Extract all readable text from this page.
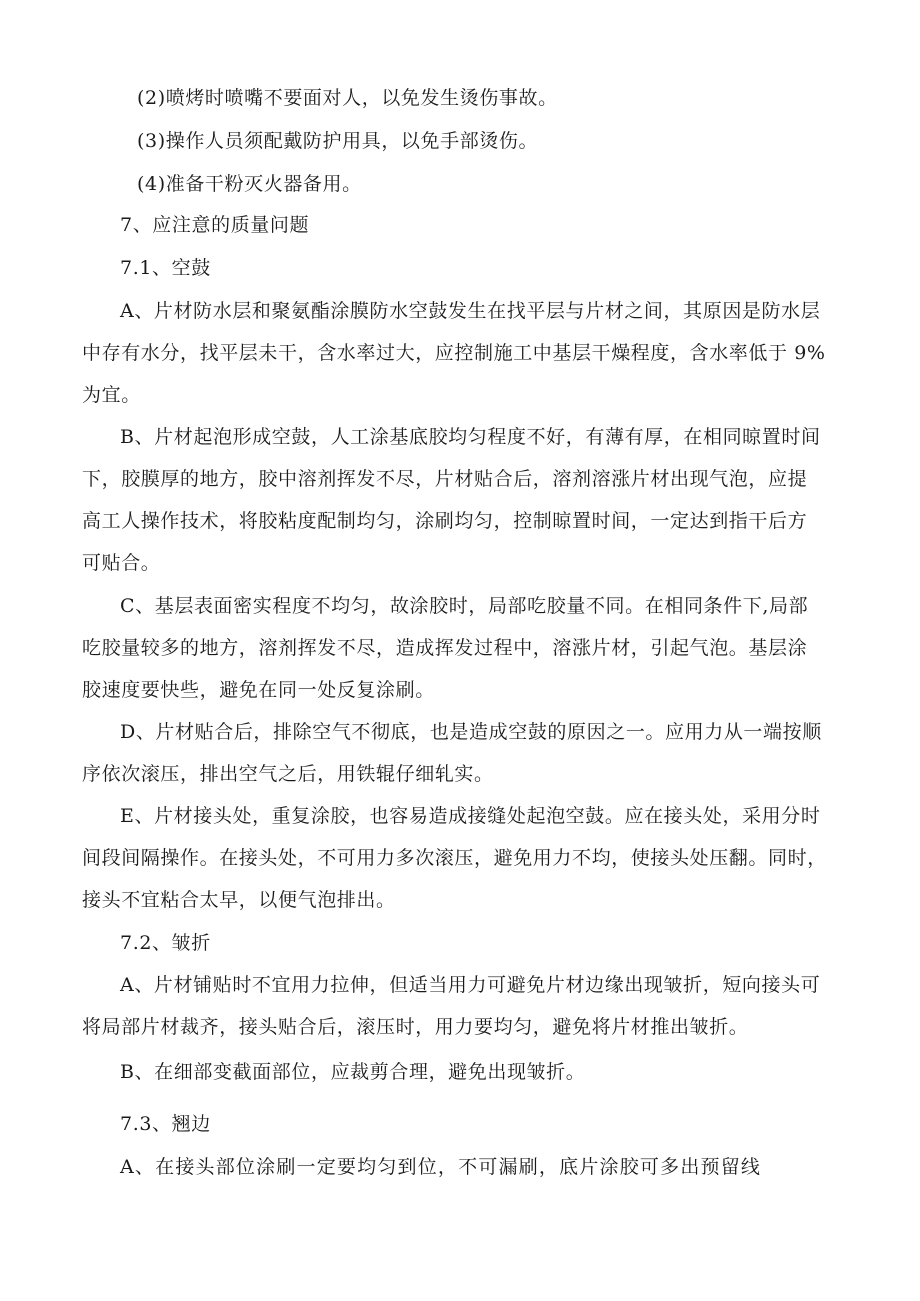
(2)喷烤时喷嘴不要面对人，以免发生烫伤事故。
(3)操作人员须配戴防护用具，以免手部烫伤。
(4)准备干粉灭火器备用。
7、应注意的质量问题
7.1、空鼓
A、片材防水层和聚氨酯涂膜防水空鼓发生在找平层与片材之间，其原因是防水层
中存有水分，找平层未干，含水率过大，应控制施工中基层干燥程度，含水率低于 9%
为宜。
B、片材起泡形成空鼓，人工涂基底胶均匀程度不好，有薄有厚，在相同晾置时间
下，胶膜厚的地方，胶中溶剂挥发不尽，片材贴合后，溶剂溶涨片材出现气泡，应提
高工人操作技术，将胶粘度配制均匀，涂刷均匀，控制晾置时间，一定达到指干后方
可贴合。
C、基层表面密实程度不均匀，故涂胶时，局部吃胶量不同。在相同条件下,局部
吃胶量较多的地方，溶剂挥发不尽，造成挥发过程中，溶涨片材，引起气泡。基层涂
胶速度要快些，避免在同一处反复涂刷。
D、片材贴合后，排除空气不彻底，也是造成空鼓的原因之一。应用力从一端按顺
序依次滚压，排出空气之后，用铁辊仔细轧实。
E、片材接头处，重复涂胶，也容易造成接缝处起泡空鼓。应在接头处，采用分时
间段间隔操作。在接头处，不可用力多次滚压，避免用力不均，使接头处压翻。同时，
接头不宜粘合太早，以便气泡排出。
7.2、皱折
A、片材铺贴时不宜用力拉伸，但适当用力可避免片材边缘出现皱折，短向接头可
将局部片材裁齐，接头贴合后，滚压时，用力要均匀，避免将片材推出皱折。
B、在细部变截面部位，应裁剪合理，避免出现皱折。
7.3、翘边
A、在接头部位涂刷一定要均匀到位，不可漏刷，底片涂胶可多出预留线
